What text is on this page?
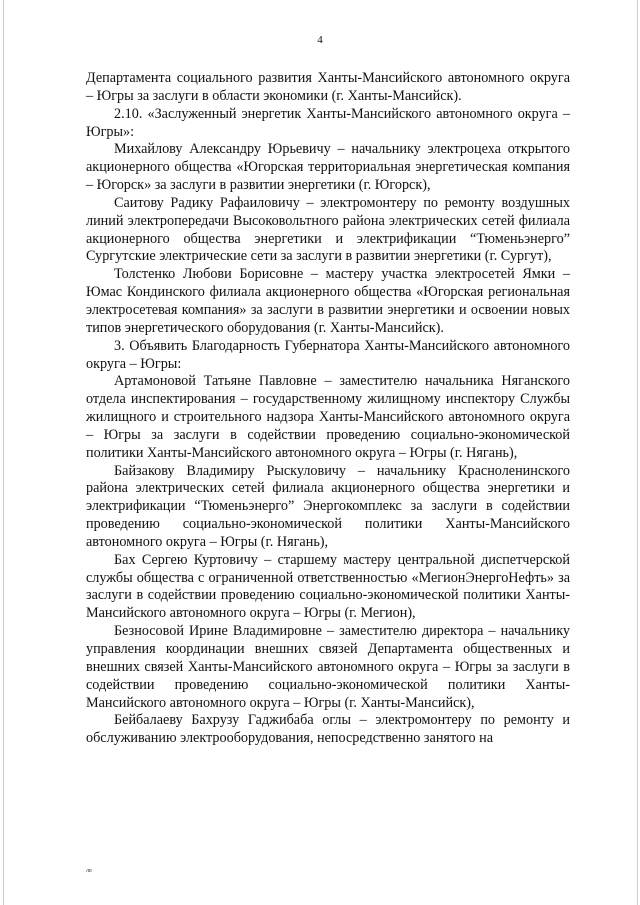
4

Департамента социального развития Ханты-Мансийского автономного округа – Югры за заслуги в области экономики (г. Ханты-Мансийск).

2.10. «Заслуженный энергетик Ханты-Мансийского автономного округа – Югры»:

Михайлову Александру Юрьевичу – начальнику электроцеха открытого акционерного общества «Югорская территориальная энергетическая компания – Югорск» за заслуги в развитии энергетики (г. Югорск),

Саитову Радику Рафаиловичу – электромонтеру по ремонту воздушных линий электропередачи Высоковольтного района электрических сетей филиала акционерного общества энергетики и электрификации “Тюменьэнерго” Сургутские электрические сети за заслуги в развитии энергетики (г. Сургут),

Толстенко Любови Борисовне – мастеру участка электросетей Ямки – Юмас Кондинского филиала акционерного общества «Югорская региональная электросетевая компания» за заслуги в развитии энергетики и освоении новых типов энергетического оборудования (г. Ханты-Мансийск).

3. Объявить Благодарность Губернатора Ханты-Мансийского автономного округа – Югры:

Артамоновой Татьяне Павловне – заместителю начальника Няганского отдела инспектирования – государственному жилищному инспектору Службы жилищного и строительного надзора Ханты-Мансийского автономного округа – Югры за заслуги в содействии проведению социально-экономической политики Ханты-Мансийского автономного округа – Югры (г. Нягань),

Байзакову Владимиру Рыскуловичу – начальнику Красноленинского района электрических сетей филиала акционерного общества энергетики и электрификации “Тюменьэнерго” Энергокомплекс за заслуги в содействии проведению социально-экономической политики Ханты-Мансийского автономного округа – Югры (г. Нягань),

Бах Сергею Куртовичу – старшему мастеру центральной диспетчерской службы общества с ограниченной ответственностью «МегионЭнергоНефть» за заслуги в содействии проведению социально-экономической политики Ханты-Мансийского автономного округа – Югры (г. Мегион),

Безносовой Ирине Владимировне – заместителю директора – начальнику управления координации внешних связей Департамента общественных и внешних связей Ханты-Мансийского автономного округа – Югры за заслуги в содействии проведению социально-экономической политики Ханты-Мансийского автономного округа – Югры (г. Ханты-Мансийск),

Бейбалаеву Бахрузу Гаджибаба оглы – электромонтеру по ремонту и обслуживанию электрооборудования, непосредственно занятого на

лв
